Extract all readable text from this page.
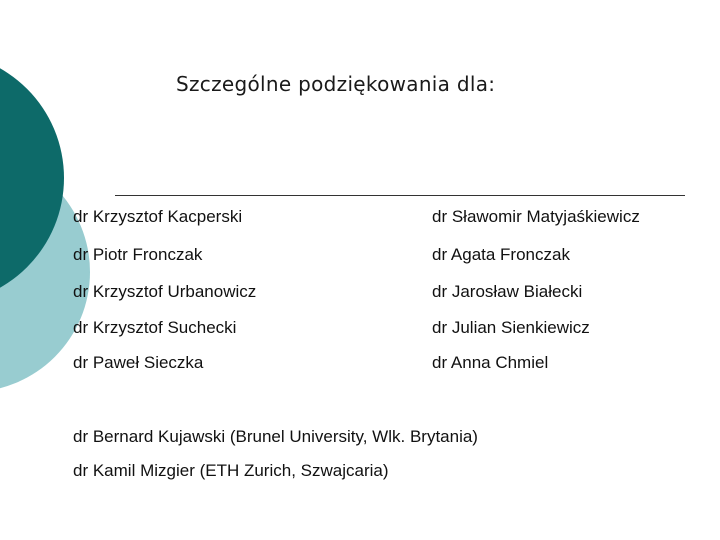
Szczególne podziękowania dla:
dr Krzysztof Kacperski
dr Piotr Fronczak
dr Krzysztof Urbanowicz
dr Krzysztof Suchecki
dr Paweł Sieczka
dr Sławomir Matyjaśkiewicz
dr Agata Fronczak
dr Jarosław Białecki
dr Julian Sienkiewicz
dr Anna Chmiel
dr Bernard Kujawski (Brunel University, Wlk. Brytania)
dr Kamil Mizgier (ETH Zurich, Szwajcaria)
